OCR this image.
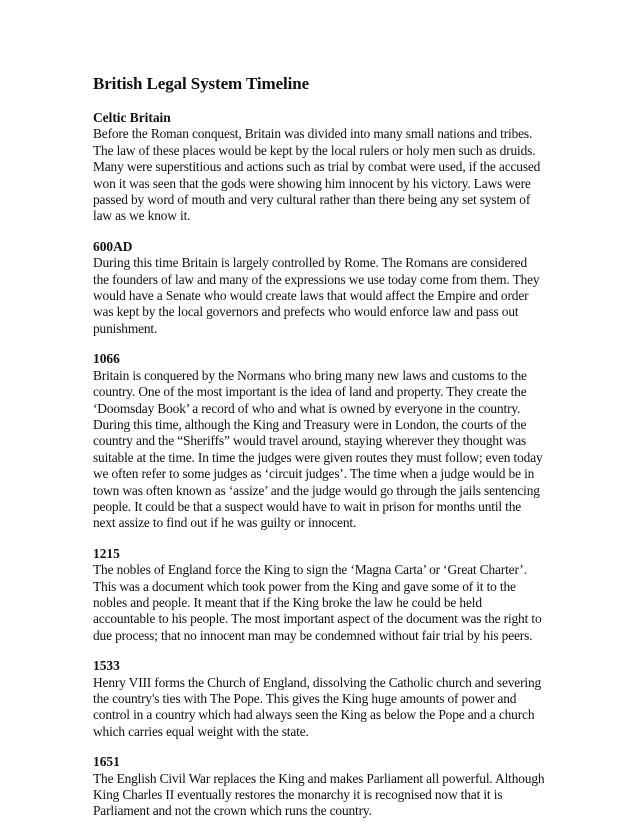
British Legal System Timeline

Celtic Britain

Before the Roman conquest, Britain was divided into many small nations and tribes. The law of these places would be kept by the local rulers or holy men such as druids. Many were superstitious and actions such as trial by combat were used, if the accused won it was seen that the gods were showing him innocent by his victory. Laws were passed by word of mouth and very cultural rather than there being any set system of law as we know it.

600AD

During this time Britain is largely controlled by Rome. The Romans are considered the founders of law and many of the expressions we use today come from them. They would have a Senate who would create laws that would affect the Empire and order was kept by the local governors and prefects who would enforce law and pass out punishment.

1066

Britain is conquered by the Normans who bring many new laws and customs to the country. One of the most important is the idea of land and property. They create the ‘Doomsday Book’ a record of who and what is owned by everyone in the country. During this time, although the King and Treasury were in London, the courts of the country and the “Sheriffs” would travel around, staying wherever they thought was suitable at the time. In time the judges were given routes they must follow; even today we often refer to some judges as ‘circuit judges’. The time when a judge would be in town was often known as ‘assize’ and the judge would go through the jails sentencing people. It could be that a suspect would have to wait in prison for months until the next assize to find out if he was guilty or innocent.

1215

The nobles of England force the King to sign the ‘Magna Carta’ or ‘Great Charter’. This was a document which took power from the King and gave some of it to the nobles and people. It meant that if the King broke the law he could be held accountable to his people. The most important aspect of the document was the right to due process; that no innocent man may be condemned without fair trial by his peers.

1533

Henry VIII forms the Church of England, dissolving the Catholic church and severing the country's ties with The Pope. This gives the King huge amounts of power and control in a country which had always seen the King as below the Pope and a church which carries equal weight with the state.

1651

The English Civil War replaces the King and makes Parliament all powerful. Although King Charles II eventually restores the monarchy it is recognised now that it is Parliament and not the crown which runs the country.
